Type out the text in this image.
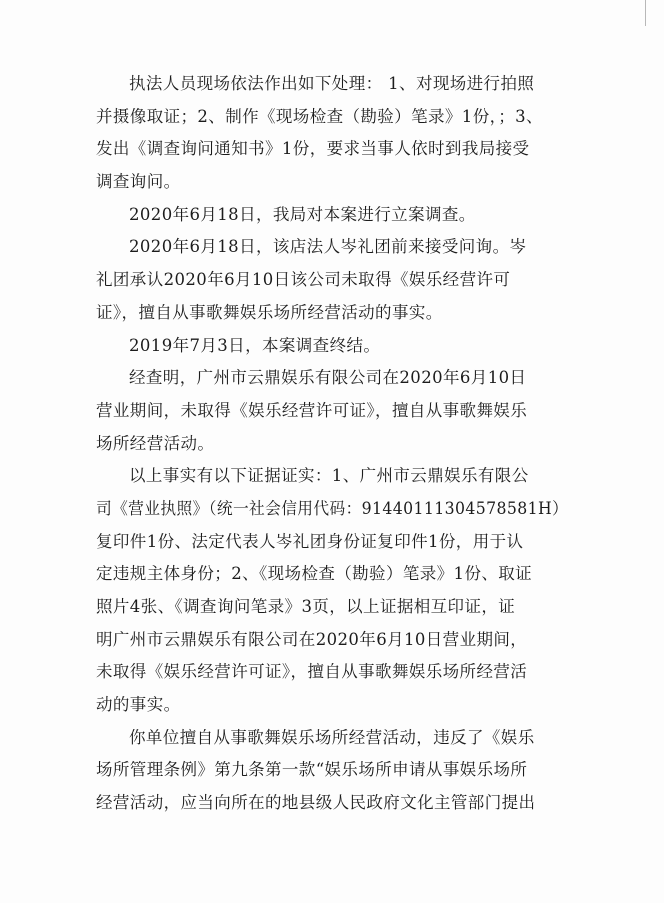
执法人员现场依法作出如下处理： 1、对现场进行拍照
并摄像取证；2、制作《现场检查（勘验）笔录》1份，；3、
发出《调查询问通知书》1份，要求当事人依时到我局接受
调查询问。
2020年6月18日，我局对本案进行立案调查。
2020年6月18日，该店法人岑礼团前来接受问询。岑
礼团承认2020年6月10日该公司未取得《娱乐经营许可
证》，擅自从事歌舞娱乐场所经营活动的事实。
2019年7月3日，本案调查终结。
经查明，广州市云鼎娱乐有限公司在2020年6月10日
营业期间，未取得《娱乐经营许可证》，擅自从事歌舞娱乐
场所经营活动。
以上事实有以下证据证实：1、广州市云鼎娱乐有限公
司《营业执照》（统一社会信用代码：91440111304578581H）
复印件1份、法定代表人岑礼团身份证复印件1份，用于认
定违规主体身份；2、《现场检查（勘验）笔录》1份、取证
照片4张、《调查询问笔录》3页，以上证据相互印证，证
明广州市云鼎娱乐有限公司在2020年6月10日营业期间，
未取得《娱乐经营许可证》，擅自从事歌舞娱乐场所经营活
动的事实。
你单位擅自从事歌舞娱乐场所经营活动，违反了《娱乐
场所管理条例》第九条第一款“娱乐场所申请从事娱乐场所
经营活动，应当向所在的地县级人民政府文化主管部门提出
